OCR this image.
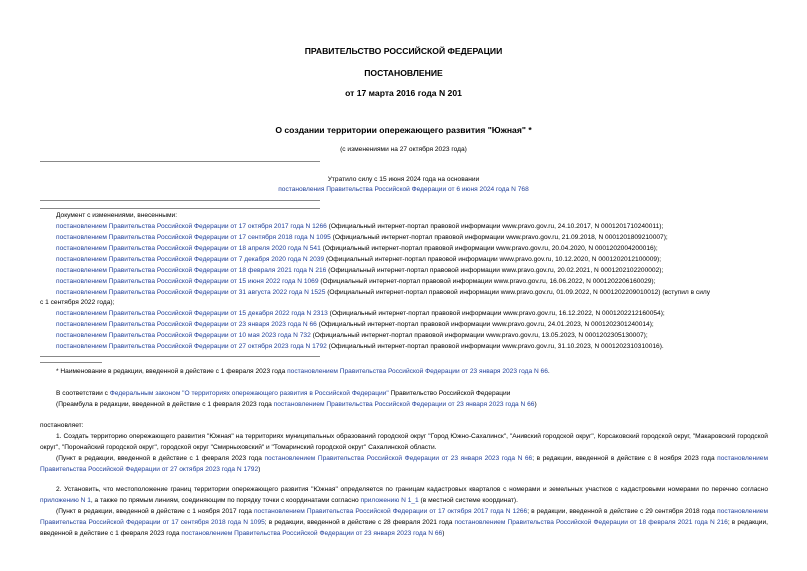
ПРАВИТЕЛЬСТВО РОССИЙСКОЙ ФЕДЕРАЦИИ
ПОСТАНОВЛЕНИЕ
от 17 марта 2016 года N 201
О создании территории опережающего развития "Южная" *
(с изменениями на 27 октября 2023 года)
Утратило силу с 15 июня 2024 года на основании
постановления Правительства Российской Федерации от 6 июня 2024 года N 768
Документ с изменениями, внесенными:
постановлением Правительства Российской Федерации от 17 октября 2017 года N 1266 (Официальный интернет-портал правовой информации www.pravo.gov.ru, 24.10.2017, N 0001201710240011);
постановлением Правительства Российской Федерации от 17 сентября 2018 года N 1095 (Официальный интернет-портал правовой информации www.pravo.gov.ru, 21.09.2018, N 0001201809210007);
постановлением Правительства Российской Федерации от 18 апреля 2020 года N 541 (Официальный интернет-портал правовой информации www.pravo.gov.ru, 20.04.2020, N 0001202004200016);
постановлением Правительства Российской Федерации от 7 декабря 2020 года N 2039 (Официальный интернет-портал правовой информации www.pravo.gov.ru, 10.12.2020, N 0001202012100009);
постановлением Правительства Российской Федерации от 18 февраля 2021 года N 216 (Официальный интернет-портал правовой информации www.pravo.gov.ru, 20.02.2021, N 0001202102200002);
постановлением Правительства Российской Федерации от 15 июня 2022 года N 1069 (Официальный интернет-портал правовой информации www.pravo.gov.ru, 16.06.2022, N 0001202206160029);
постановлением Правительства Российской Федерации от 31 августа 2022 года N 1525 (Официальный интернет-портал правовой информации www.pravo.gov.ru, 01.09.2022, N 0001202209010012) (вступил в силу
с 1 сентября 2022 года);
постановлением Правительства Российской Федерации от 15 декабря 2022 года N 2313 (Официальный интернет-портал правовой информации www.pravo.gov.ru, 16.12.2022, N 0001202212160054);
постановлением Правительства Российской Федерации от 23 января 2023 года N 66 (Официальный интернет-портал правовой информации www.pravo.gov.ru, 24.01.2023, N 0001202301240014);
постановлением Правительства Российской Федерации от 10 мая 2023 года N 732 (Официальный интернет-портал правовой информации www.pravo.gov.ru, 13.05.2023, N 0001202305130007);
постановлением Правительства Российской Федерации от 27 октября 2023 года N 1792 (Официальный интернет-портал правовой информации www.pravo.gov.ru, 31.10.2023, N 0001202310310016).
* Наименование в редакции, введенной в действие с 1 февраля 2023 года постановлением Правительства Российской Федерации от 23 января 2023 года N 66.
В соответствии с Федеральным законом "О территориях опережающего развития в Российской Федерации" Правительство Российской Федерации
(Преамбула в редакции, введенной в действие с 1 февраля 2023 года постановлением Правительства Российской Федерации от 23 января 2023 года N 66)
постановляет:
1. Создать территорию опережающего развития "Южная" на территориях муниципальных образований городской округ "Город Южно-Сахалинск", "Анивский городской округ", Корсаковский городской округ, "Макаровский городской округ", "Поронайский городской округ", городской округ "Смирныховский" и "Томаринский городской округ" Сахалинской области.
(Пункт в редакции, введенной в действие с 1 февраля 2023 года постановлением Правительства Российской Федерации от 23 января 2023 года N 66; в редакции, введенной в действие с 8 ноября 2023 года постановлением Правительства Российской Федерации от 27 октября 2023 года N 1792)
2. Установить, что местоположение границ территории опережающего развития "Южная" определяется по границам кадастровых кварталов с номерами и земельных участков с кадастровыми номерами по перечню согласно приложению N 1, а также по прямым линиям, соединяющим по порядку точки с координатами согласно приложению N 1_1 (в местной системе координат).
(Пункт в редакции, введенной в действие с 1 ноября 2017 года постановлением Правительства Российской Федерации от 17 октября 2017 года N 1266; в редакции, введенной в действие с 29 сентября 2018 года постановлением Правительства Российской Федерации от 17 сентября 2018 года N 1095; в редакции, введенной в действие с 28 февраля 2021 года постановлением Правительства Российской Федерации от 18 февраля 2021 года N 216; в редакции, введенной в действие с 1 февраля 2023 года постановлением Правительства Российской Федерации от 23 января 2023 года N 66)
